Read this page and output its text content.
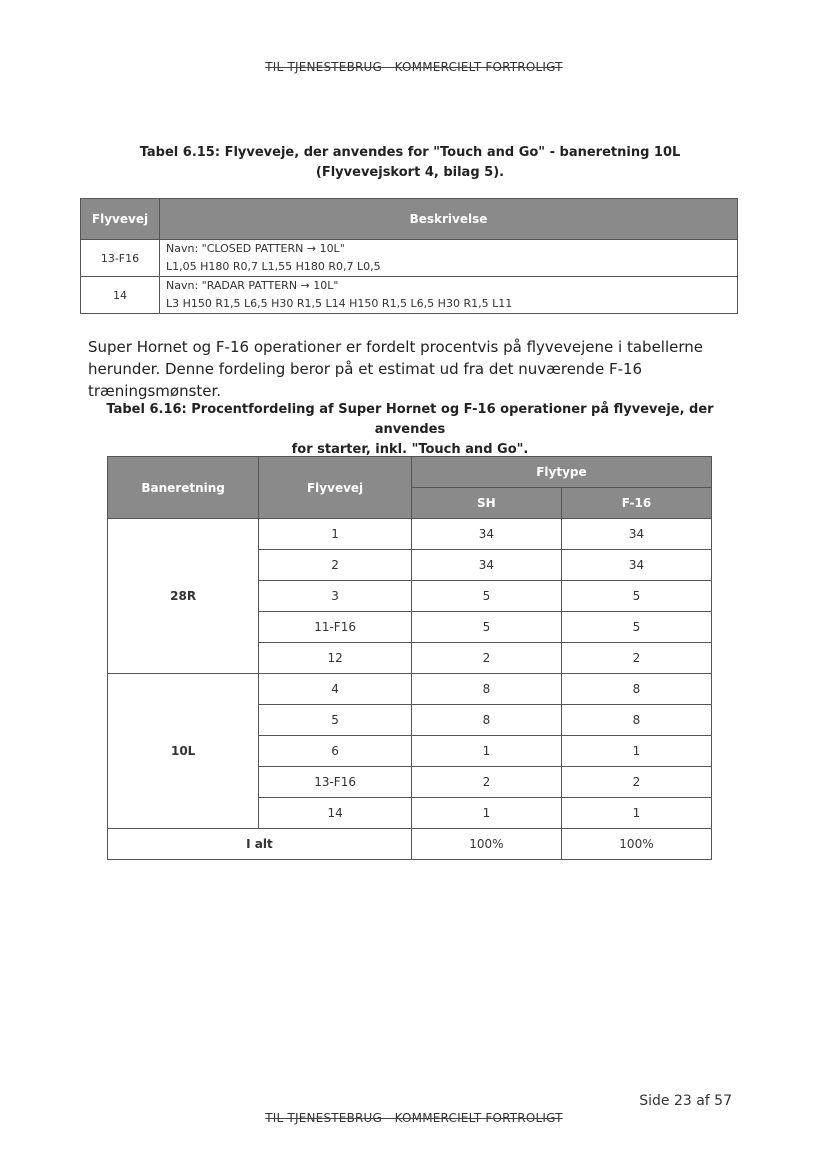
TIL TJENESTEBRUG - KOMMERCIELT FORTROLIGT
Tabel 6.15: Flyveveje, der anvendes for "Touch and Go" - baneretning 10L
(Flyvevejskort 4, bilag 5).
Flyvevej	Beskrivelse
13-F16	Navn: "CLOSED PATTERN → 10L"
L1,05 H180 R0,7 L1,55 H180 R0,7 L0,5

14	Navn: "RADAR PATTERN → 10L"
L3 H150 R1,5 L6,5 H30 R1,5 L14 H150 R1,5 L6,5 H30 R1,5 L11
Super Hornet og F-16 operationer er fordelt procentvis på flyvevejene i tabellerne herunder. Denne fordeling beror på et estimat ud fra det nuværende F-16 træningsmønster.
Tabel 6.16: Procentfordeling af Super Hornet og F-16 operationer på flyveveje, der anvendes
for starter, inkl. "Touch and Go".
Baneretning	Flyvevej	Flytype	
		SH	F-16
28R	1	34	34
	2	34	34
	3	5	5
	11-F16	5	5
	12	2	2
10L	4	8	8
	5	8	8
	6	1	1
	13-F16	2	2
	14	1	1
I alt		100%	100%
Side 23 af 57
TIL TJENESTEBRUG - KOMMERCIELT FORTROLIGT
